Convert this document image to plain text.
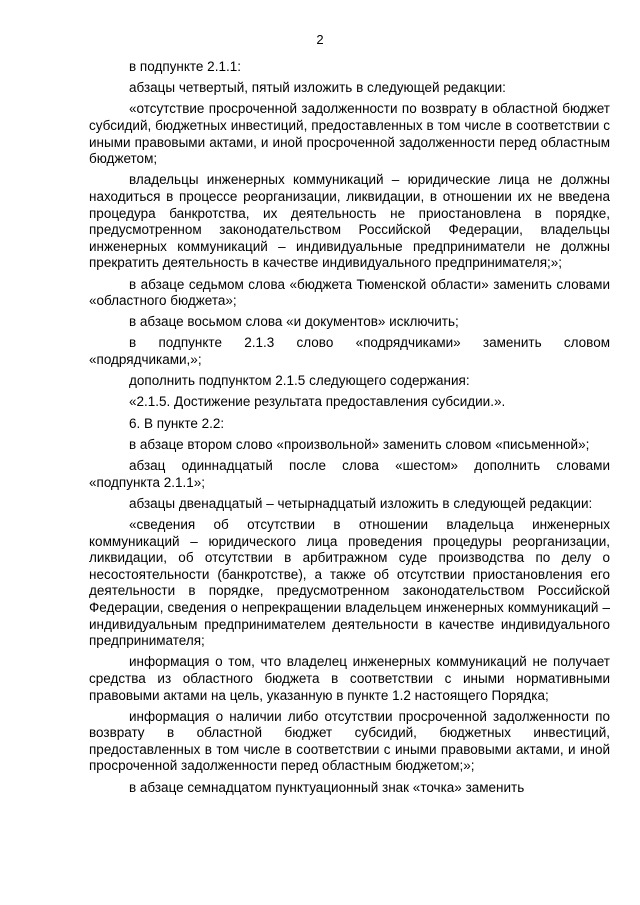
2

в подпункте 2.1.1:

абзацы четвертый, пятый изложить в следующей редакции:

«отсутствие просроченной задолженности по возврату в областной бюджет субсидий, бюджетных инвестиций, предоставленных в том числе в соответствии с иными правовыми актами, и иной просроченной задолженности перед областным бюджетом;

владельцы инженерных коммуникаций – юридические лица не должны находиться в процессе реорганизации, ликвидации, в отношении их не введена процедура банкротства, их деятельность не приостановлена в порядке, предусмотренном законодательством Российской Федерации, владельцы инженерных коммуникаций – индивидуальные предприниматели не должны прекратить деятельность в качестве индивидуального предпринимателя;»;

в абзаце седьмом слова «бюджета Тюменской области» заменить словами «областного бюджета»;

в абзаце восьмом слова «и документов» исключить;

в подпункте 2.1.3 слово «подрядчиками» заменить словом «подрядчиками,»;

дополнить подпунктом 2.1.5 следующего содержания:

«2.1.5. Достижение результата предоставления субсидии.».

6. В пункте 2.2:

в абзаце втором слово «произвольной» заменить словом «письменной»;

абзац одиннадцатый после слова «шестом» дополнить словами «подпункта 2.1.1»;

абзацы двенадцатый – четырнадцатый изложить в следующей редакции:

«сведения об отсутствии в отношении владельца инженерных коммуникаций – юридического лица проведения процедуры реорганизации, ликвидации, об отсутствии в арбитражном суде производства по делу о несостоятельности (банкротстве), а также об отсутствии приостановления его деятельности в порядке, предусмотренном законодательством Российской Федерации, сведения о непрекращении владельцем инженерных коммуникаций – индивидуальным предпринимателем деятельности в качестве индивидуального предпринимателя;

информация о том, что владелец инженерных коммуникаций не получает средства из областного бюджета в соответствии с иными нормативными правовыми актами на цель, указанную в пункте 1.2 настоящего Порядка;

информация о наличии либо отсутствии просроченной задолженности по возврату в областной бюджет субсидий, бюджетных инвестиций, предоставленных в том числе в соответствии с иными правовыми актами, и иной просроченной задолженности перед областным бюджетом;»;

в абзаце семнадцатом пунктуационный знак «точка» заменить
